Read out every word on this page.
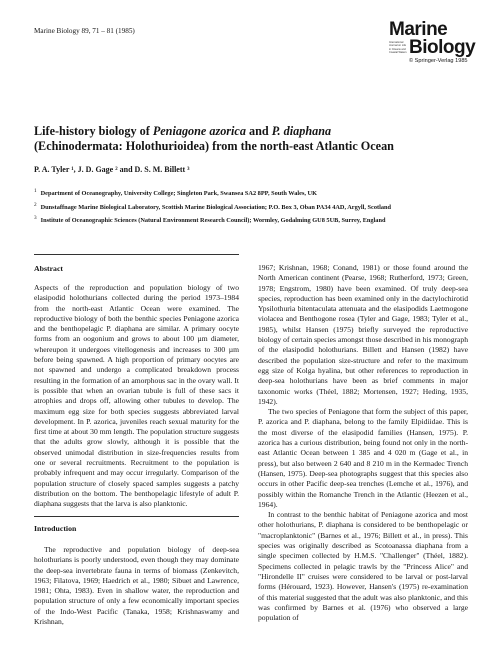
Marine Biology 89, 71 – 81 (1985)	Marine
Biology
International Journal on Life in Oceans and Coastal Waters
© Springer-Verlag 1985
Life-history biology of Peniagone azorica and P. diaphana
(Echinodermata: Holothurioidea) from the north-east Atlantic Ocean
P. A. Tyler ¹, J. D. Gage ² and D. S. M. Billett ³
$^1$ Department of Oceanography, University College; Singleton Park, Swansea SA2 8PP, South Wales, UK
$^2$ Dunstaffnage Marine Biological Laboratory, Scottish Marine Biological Association; P.O. Box 3, Oban PA34 4AD, Argyll, Scotland
$^3$ Institute of Oceanographic Sciences (Natural Environment Research Council); Wormley, Godalming GU8 5UB, Surrey, England
Abstract

Aspects of the reproduction and population biology of two elasipodid holothurians collected during the period 1973–1984 from the north-east Atlantic Ocean were examined. The reproductive biology of both the benthic species Peniagone azorica and the benthopelagic P. diaphana are similar. A primary oocyte forms from an oogonium and grows to about 100 µm diameter, whereupon it undergoes vitellogenesis and increases to 300 µm before being spawned. A high proportion of primary oocytes are not spawned and undergo a complicated breakdown process resulting in the formation of an amorphous sac in the ovary wall. It is possible that when an ovarian tubule is full of these sacs it atrophies and drops off, allowing other tubules to develop. The maximum egg size for both species suggests abbreviated larval development. In P. azorica, juveniles reach sexual maturity for the first time at about 30 mm length. The population structure suggests that the adults grow slowly, although it is possible that the observed unimodal distribution in size-frequencies results from one or several recruitments. Recruitment to the population is probably infrequent and may occur irregularly. Comparison of the population structure of closely spaced samples suggests a patchy distribution on the bottom. The benthopelagic lifestyle of adult P. diaphana suggests that the larva is also planktonic.

Introduction

The reproductive and population biology of deep-sea holothurians is poorly understood, even though they may dominate the deep-sea invertebrate fauna in terms of biomass (Zenkevitch, 1963; Filatova, 1969; Haedrich et al., 1980; Sibuet and Lawrence, 1981; Ohta, 1983). Even in shallow water, the reproduction and population structure of only a few economically important species of the Indo-West Pacific (Tanaka, 1958; Krishnaswamy and Krishnan,

1967; Krishnan, 1968; Conand, 1981) or those found around the North American continent (Pearse, 1968; Rutherford, 1973; Green, 1978; Engstrom, 1980) have been examined. Of truly deep-sea species, reproduction has been examined only in the dactylochirotid Ypsilothuria bitentaculata attenuata and the elasipodids Laetmogone violacea and Benthogone rosea (Tyler and Gage, 1983; Tyler et al., 1985), whilst Hansen (1975) briefly surveyed the reproductive biology of certain species amongst those described in his monograph of the elasipodid holothurians. Billett and Hansen (1982) have described the population size-structure and refer to the maximum egg size of Kolga hyalina, but other references to reproduction in deep-sea holothurians have been as brief comments in major taxonomic works (Théel, 1882; Mortensen, 1927; Heding, 1935, 1942).

The two species of Peniagone that form the subject of this paper, P. azorica and P. diaphana, belong to the family Elpidiidae. This is the most diverse of the elasipodid families (Hansen, 1975). P. azorica has a curious distribution, being found not only in the north-east Atlantic Ocean between 1 385 and 4 020 m (Gage et al., in press), but also between 2 640 and 8 210 m in the Kermadec Trench (Hansen, 1975). Deep-sea photographs suggest that this species also occurs in other Pacific deep-sea trenches (Lemche et al., 1976), and possibly within the Romanche Trench in the Atlantic (Heezen et al., 1964).

In contrast to the benthic habitat of Peniagone azorica and most other holothurians, P. diaphana is considered to be benthopelagic or "macroplanktonic" (Barnes et al., 1976; Billett et al., in press). This species was originally described as Scotoanassa diaphana from a single specimen collected by H.M.S. "Challenger" (Théel, 1882). Specimens collected in pelagic trawls by the "Princess Alice" and "Hirondelle II" cruises were considered to be larval or post-larval forms (Hérouard, 1923). However, Hansen's (1975) re-examination of this material suggested that the adult was also planktonic, and this was confirmed by Barnes et al. (1976) who observed a large population of
